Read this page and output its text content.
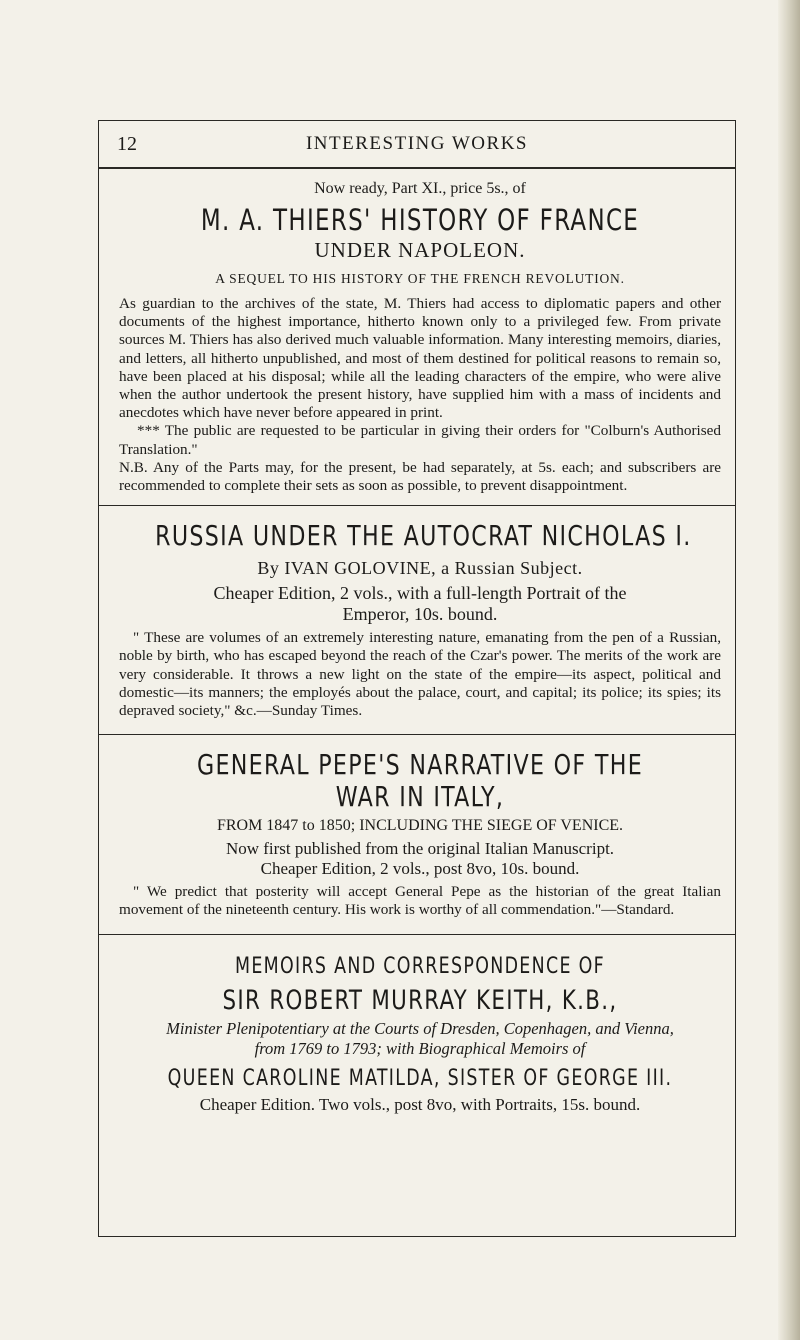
12	INTERESTING WORKS
Now ready, Part XI., price 5s., of
M. A. THIERS' HISTORY OF FRANCE
UNDER NAPOLEON.
A SEQUEL TO HIS HISTORY OF THE FRENCH REVOLUTION.

As guardian to the archives of the state, M. Thiers had access to diplomatic papers and other documents of the highest importance, hitherto known only to a privileged few. From private sources M. Thiers has also derived much valuable information. Many interesting memoirs, diaries, and letters, all hitherto unpublished, and most of them destined for political reasons to remain so, have been placed at his disposal; while all the leading characters of the empire, who were alive when the author undertook the present history, have supplied him with a mass of incidents and anecdotes which have never before appeared in print.

*** The public are requested to be particular in giving their orders for "Colburn's Authorised Translation."

N.B. Any of the Parts may, for the present, be had separately, at 5s. each; and subscribers are recommended to complete their sets as soon as possible, to prevent disappointment.

RUSSIA UNDER THE AUTOCRAT NICHOLAS I.
By IVAN GOLOVINE, a Russian Subject.
Cheaper Edition, 2 vols., with a full-length Portrait of the
Emperor, 10s. bound.

" These are volumes of an extremely interesting nature, emanating from the pen of a Russian, noble by birth, who has escaped beyond the reach of the Czar's power. The merits of the work are very considerable. It throws a new light on the state of the empire—its aspect, political and domestic—its manners; the employés about the palace, court, and capital; its police; its spies; its depraved society," &c.—Sunday Times.

GENERAL PEPE'S NARRATIVE OF THE
WAR IN ITALY,
FROM 1847 to 1850; INCLUDING THE SIEGE OF VENICE.
Now first published from the original Italian Manuscript.
Cheaper Edition, 2 vols., post 8vo, 10s. bound.

" We predict that posterity will accept General Pepe as the historian of the great Italian movement of the nineteenth century. His work is worthy of all commendation."—Standard.

MEMOIRS AND CORRESPONDENCE OF
SIR ROBERT MURRAY KEITH, K.B.,
Minister Plenipotentiary at the Courts of Dresden, Copenhagen, and Vienna,
from 1769 to 1793; with Biographical Memoirs of
QUEEN CAROLINE MATILDA, SISTER OF GEORGE III.
Cheaper Edition. Two vols., post 8vo, with Portraits, 15s. bound.
